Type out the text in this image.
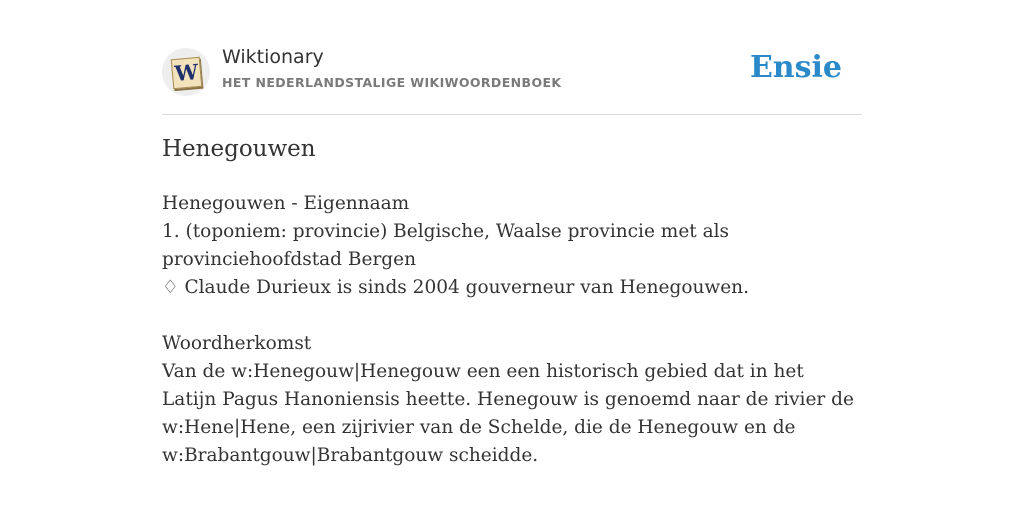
W
Wiktionary
HET NEDERLANDSTALIGE WIKIWOORDENBOEK	Ensie
Henegouwen

Henegouwen - Eigennaam

1. (toponiem: provincie) Belgische, Waalse provincie met als provinciehoofdstad Bergen

♢ Claude Durieux is sinds 2004 gouverneur van Henegouwen.

Woordherkomst

Van de w:Henegouw|Henegouw een een historisch gebied dat in het Latijn Pagus Hanoniensis heette. Henegouw is genoemd naar de rivier de w:Hene|Hene, een zijrivier van de Schelde, die de Henegouw en de w:Brabantgouw|Brabantgouw scheidde.
